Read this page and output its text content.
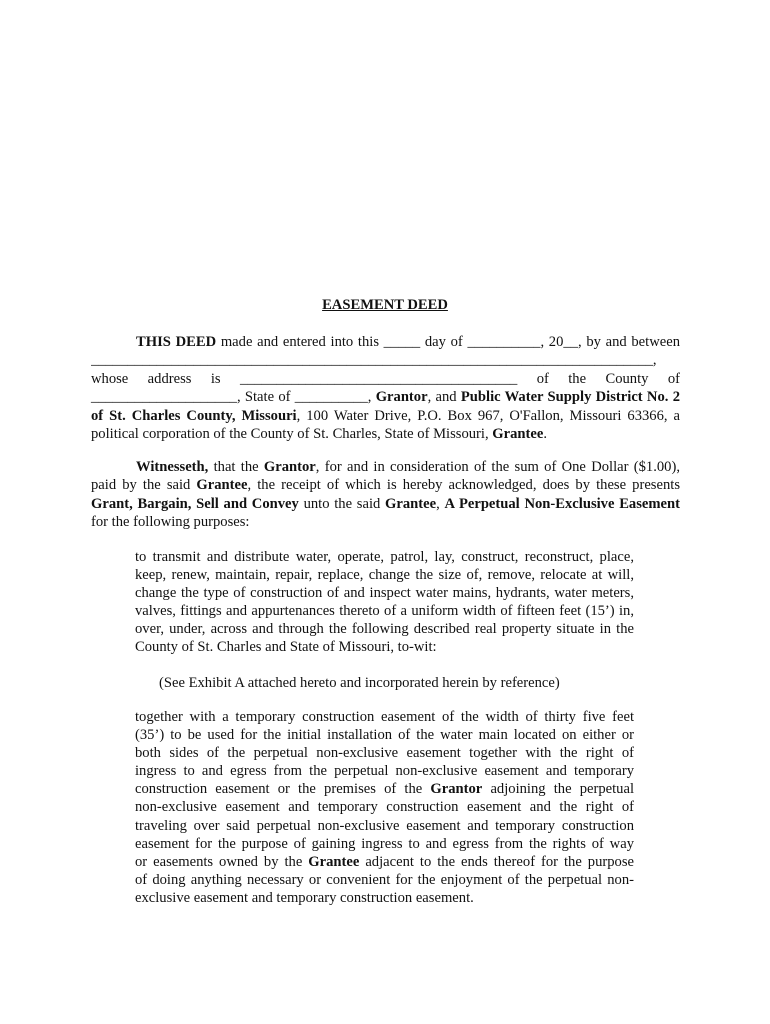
EASEMENT DEED
THIS DEED made and entered into this _____ day of __________, 20__, by and between
_____________________________________________________________________________,
whose address is ______________________________________ of the County of
____________________, State of __________, Grantor, and Public Water Supply District No. 2
of St. Charles County, Missouri, 100 Water Drive, P.O. Box 967, O'Fallon, Missouri 63366, a
political corporation of the County of St. Charles, State of Missouri, Grantee.
Witnesseth, that the Grantor, for and in consideration of the sum of One Dollar ($1.00),
paid by the said Grantee, the receipt of which is hereby acknowledged, does by these presents
Grant, Bargain, Sell and Convey unto the said Grantee, A Perpetual Non-Exclusive Easement
for the following purposes:
to transmit and distribute water, operate, patrol, lay, construct, reconstruct, place,
keep, renew, maintain, repair, replace, change the size of, remove, relocate at will,
change the type of construction of and inspect water mains, hydrants, water meters,
valves, fittings and appurtenances thereto of a uniform width of fifteen feet (15’) in,
over, under, across and through the following described real property situate in the
County of St. Charles and State of Missouri, to-wit:
(See Exhibit A attached hereto and incorporated herein by reference)
together with a temporary construction easement of the width of thirty five feet
(35’) to be used for the initial installation of the water main located on either or
both sides of the perpetual non-exclusive easement together with the right of
ingress to and egress from the perpetual non-exclusive easement and temporary
construction easement or the premises of the Grantor adjoining the perpetual
non-exclusive easement and temporary construction easement and the right of
traveling over said perpetual non-exclusive easement and temporary construction
easement for the purpose of gaining ingress to and egress from the rights of way
or easements owned by the Grantee adjacent to the ends thereof for the purpose
of doing anything necessary or convenient for the enjoyment of the perpetual non-
exclusive easement and temporary construction easement.
